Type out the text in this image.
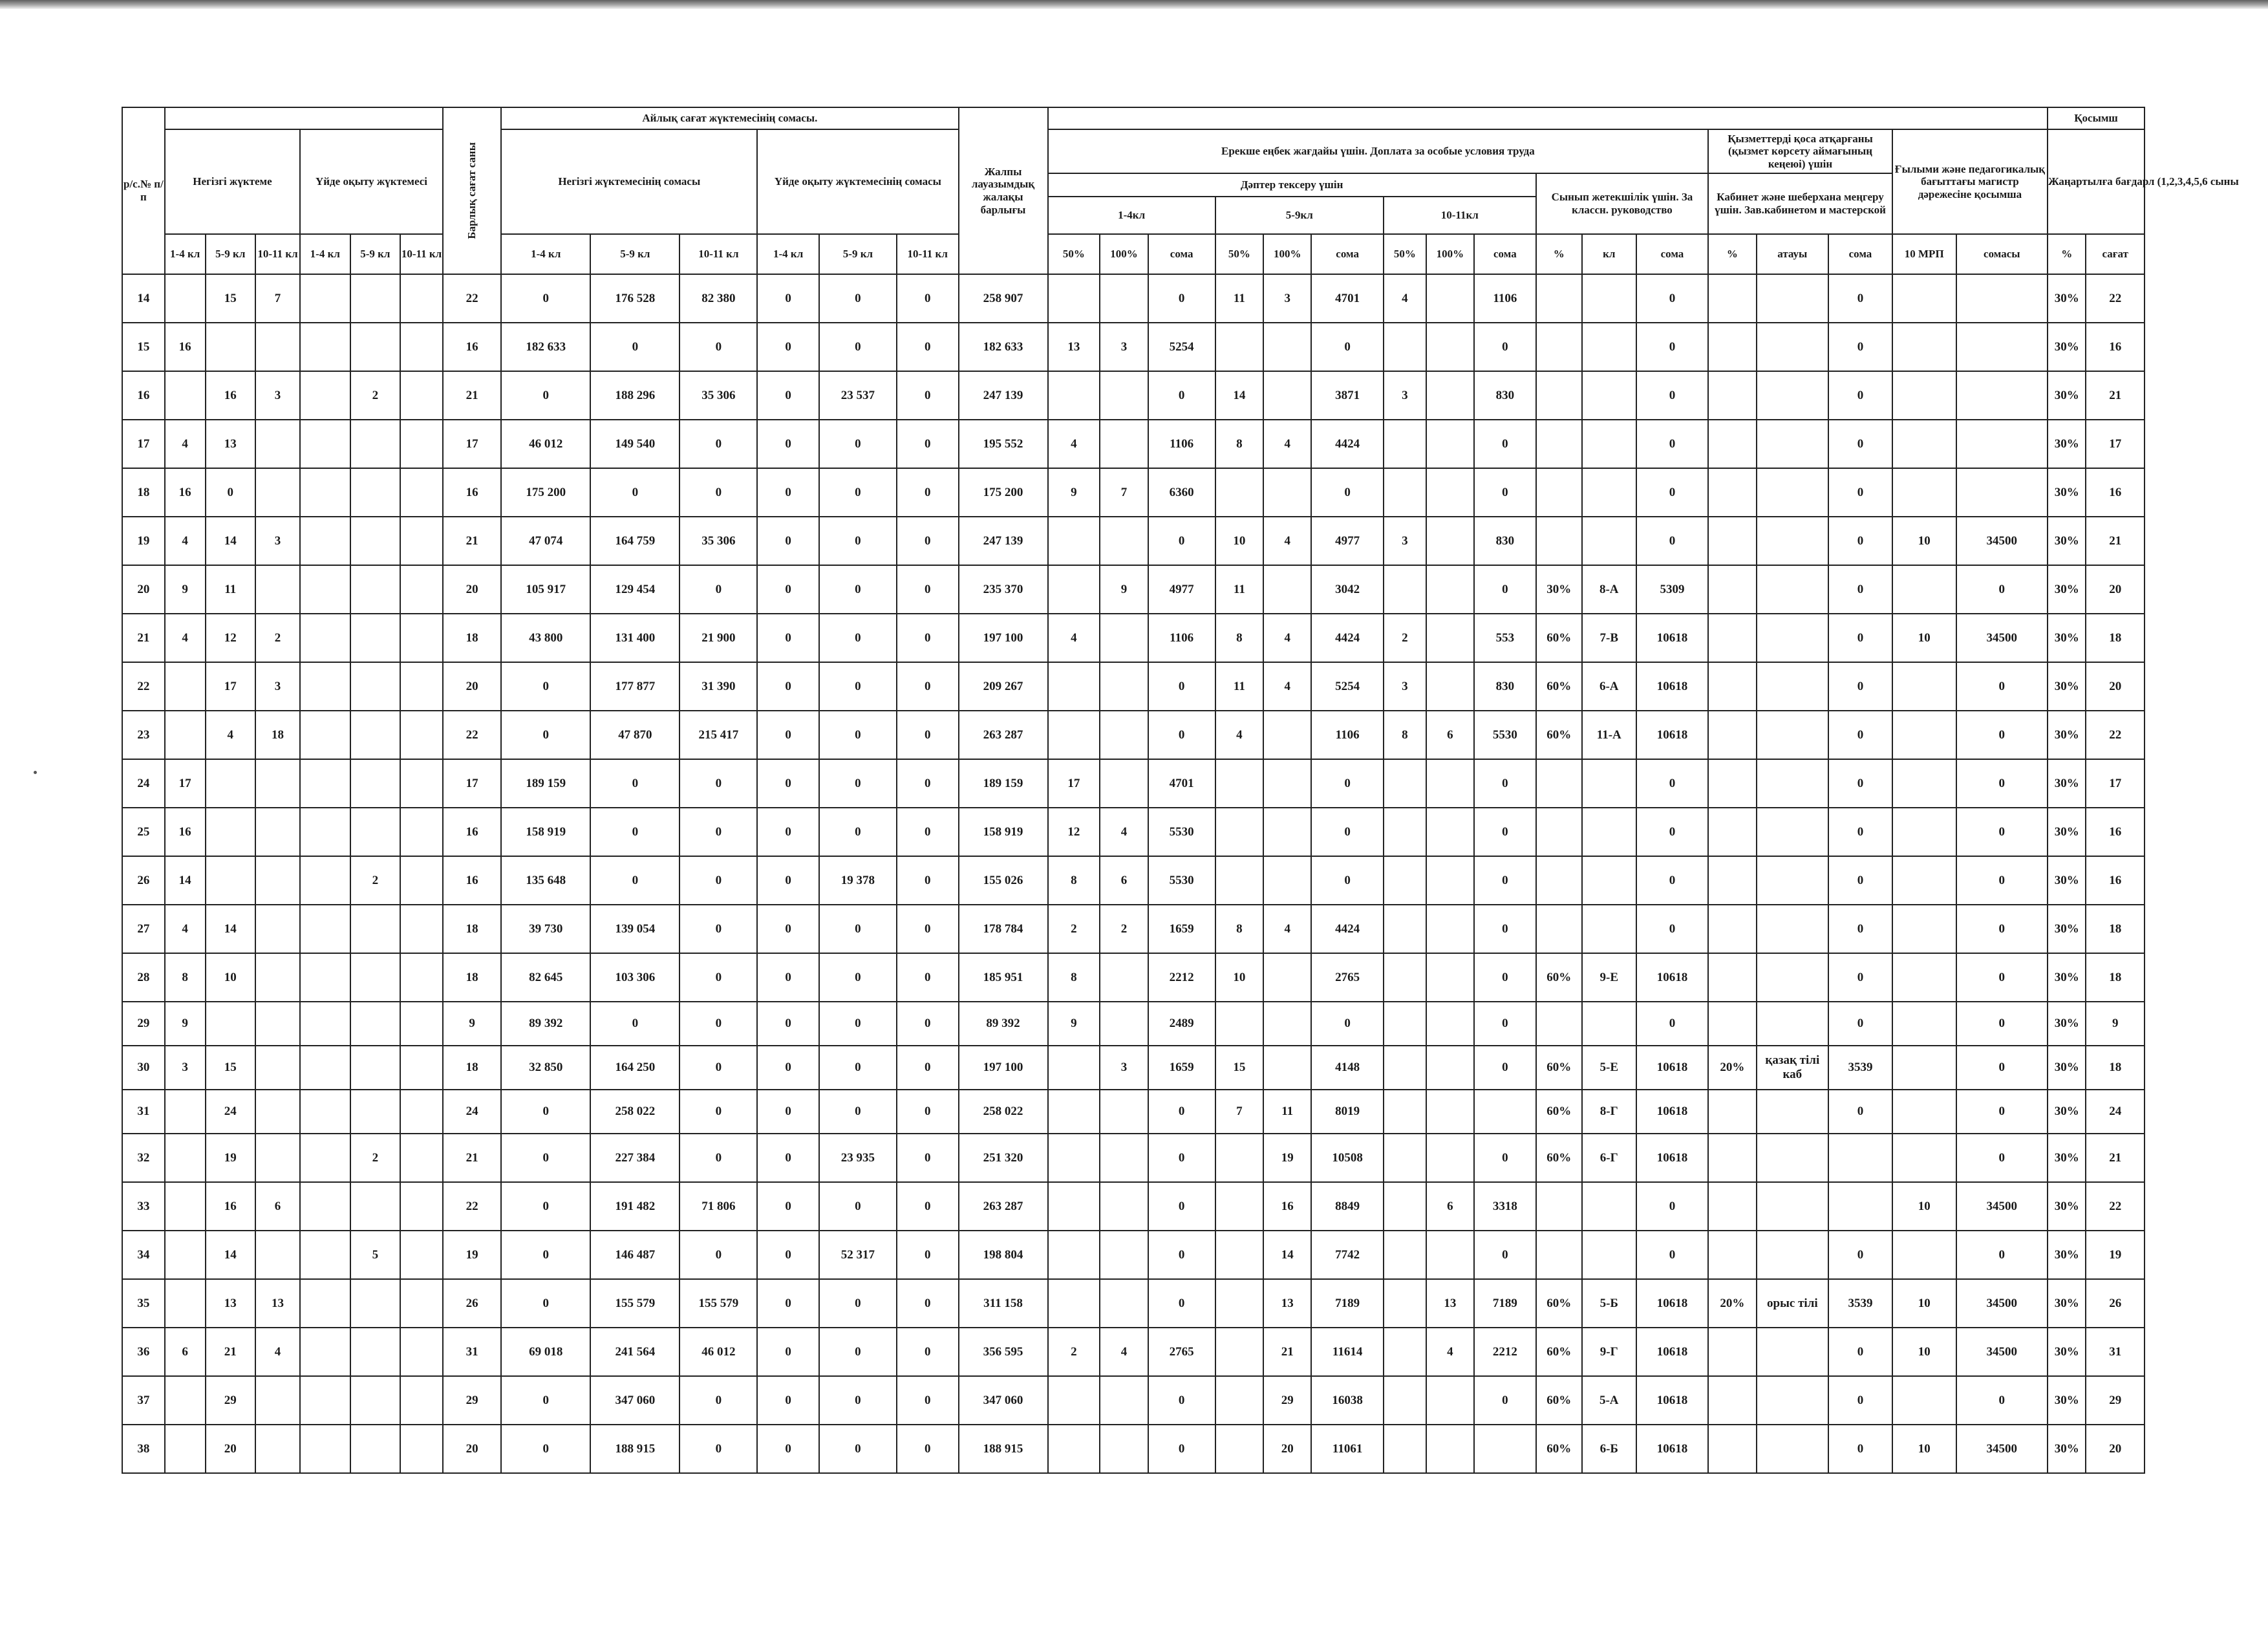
р/с.№ п/п							Барлық сағат саны	Айлық сағат жүктемесінің сомасы.						Жалпы лауазымдық жалақы барлығы																		Қосымш	
	Негізгі жүктеме			Үйде оқыту жүктемесі				Негізгі жүктемесінің сомасы			Үйде оқыту жүктемесінің сомасы				Ерекше еңбек жағдайы үшін. Доплата за особые условия труда												Қызметтерді қоса атқарғаны (қызмет көрсету аймағының кеңеюі) үшін			Ғылыми және педагогикалық бағыттағы магистр дәрежесіне қосымша		Жаңартылға бағдарл (1,2,3,4,5,6 сыны	
															Дәптер тексеру үшін									Сынып жетекшілік үшін. За классн. руководство			Кабинет және шеберхана меңгеру үшін. Зав.кабинетом и мастерской						
															1-4кл			5-9кл			10-11кл												
	1-4 кл	5-9 кл	10-11 кл	1-4 кл	5-9 кл	10-11 кл		1-4 кл	5-9 кл	10-11 кл	1-4 кл	5-9 кл	10-11 кл		50%	100%	сома	50%	100%	сома	50%	100%	сома	%	кл	сома	%	атауы	сома	10 МРП	сомасы	%	сағат
14		15	7				22	0	176 528	82 380	0	0	0	258 907			0	11	3	4701	4		1106			0			0			30%	22
15	16						16	182 633	0	0	0	0	0	182 633	13	3	5254			0			0			0			0			30%	16
16		16	3		2		21	0	188 296	35 306	0	23 537	0	247 139			0	14		3871	3		830			0			0			30%	21
17	4	13					17	46 012	149 540	0	0	0	0	195 552	4		1106	8	4	4424			0			0			0			30%	17
18	16	0					16	175 200	0	0	0	0	0	175 200	9	7	6360			0			0			0			0			30%	16
19	4	14	3				21	47 074	164 759	35 306	0	0	0	247 139			0	10	4	4977	3		830			0			0	10	34500	30%	21
20	9	11					20	105 917	129 454	0	0	0	0	235 370		9	4977	11		3042			0	30%	8-А	5309			0		0	30%	20
21	4	12	2				18	43 800	131 400	21 900	0	0	0	197 100	4		1106	8	4	4424	2		553	60%	7-В	10618			0	10	34500	30%	18
22		17	3				20	0	177 877	31 390	0	0	0	209 267			0	11	4	5254	3		830	60%	6-А	10618			0		0	30%	20
23		4	18				22	0	47 870	215 417	0	0	0	263 287			0	4		1106	8	6	5530	60%	11-А	10618			0		0	30%	22
24	17						17	189 159	0	0	0	0	0	189 159	17		4701			0			0			0			0		0	30%	17
25	16						16	158 919	0	0	0	0	0	158 919	12	4	5530			0			0			0			0		0	30%	16
26	14				2		16	135 648	0	0	0	19 378	0	155 026	8	6	5530			0			0			0			0		0	30%	16
27	4	14					18	39 730	139 054	0	0	0	0	178 784	2	2	1659	8	4	4424			0			0			0		0	30%	18
28	8	10					18	82 645	103 306	0	0	0	0	185 951	8		2212	10		2765			0	60%	9-Е	10618			0		0	30%	18
29	9						9	89 392	0	0	0	0	0	89 392	9		2489			0			0			0			0		0	30%	9
30	3	15					18	32 850	164 250	0	0	0	0	197 100		3	1659	15		4148			0	60%	5-Е	10618	20%	қазақ тілі каб	3539		0	30%	18
31		24					24	0	258 022	0	0	0	0	258 022			0	7	11	8019				60%	8-Г	10618			0		0	30%	24
32		19			2		21	0	227 384	0	0	23 935	0	251 320			0		19	10508			0	60%	6-Г	10618					0	30%	21
33		16	6				22	0	191 482	71 806	0	0	0	263 287			0		16	8849		6	3318			0				10	34500	30%	22
34		14			5		19	0	146 487	0	0	52 317	0	198 804			0		14	7742			0			0			0		0	30%	19
35		13	13				26	0	155 579	155 579	0	0	0	311 158			0		13	7189		13	7189	60%	5-Б	10618	20%	орыс тілі	3539	10	34500	30%	26
36	6	21	4				31	69 018	241 564	46 012	0	0	0	356 595	2	4	2765		21	11614		4	2212	60%	9-Г	10618			0	10	34500	30%	31
37		29					29	0	347 060	0	0	0	0	347 060			0		29	16038			0	60%	5-А	10618			0		0	30%	29
38		20					20	0	188 915	0	0	0	0	188 915			0		20	11061				60%	6-Б	10618			0	10	34500	30%	20
